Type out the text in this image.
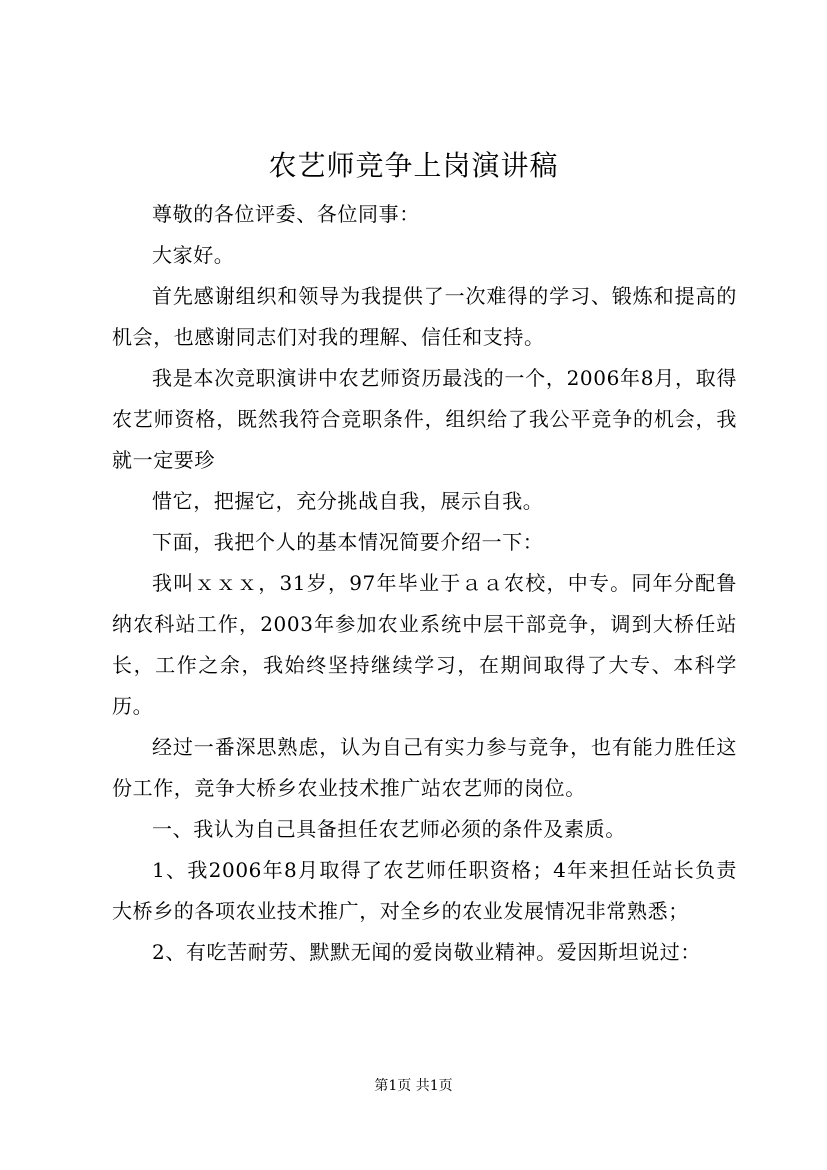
农艺师竞争上岗演讲稿

尊敬的各位评委、各位同事：

大家好。

首先感谢组织和领导为我提供了一次难得的学习、锻炼和提高的机会，也感谢同志们对我的理解、信任和支持。

我是本次竞职演讲中农艺师资历最浅的一个，2006年8月，取得农艺师资格，既然我符合竞职条件，组织给了我公平竞争的机会，我就一定要珍

惜它，把握它，充分挑战自我，展示自我。

下面，我把个人的基本情况简要介绍一下：

我叫ｘｘｘ，31岁，97年毕业于ａａ农校，中专。同年分配鲁纳农科站工作，2003年参加农业系统中层干部竞争，调到大桥任站长，工作之余，我始终坚持继续学习，在期间取得了大专、本科学历。

经过一番深思熟虑，认为自己有实力参与竞争，也有能力胜任这份工作，竞争大桥乡农业技术推广站农艺师的岗位。

一、我认为自己具备担任农艺师必须的条件及素质。

1、我2006年8月取得了农艺师任职资格；4年来担任站长负责大桥乡的各项农业技术推广，对全乡的农业发展情况非常熟悉；

2、有吃苦耐劳、默默无闻的爱岗敬业精神。爱因斯坦说过：

第1页 共1页
